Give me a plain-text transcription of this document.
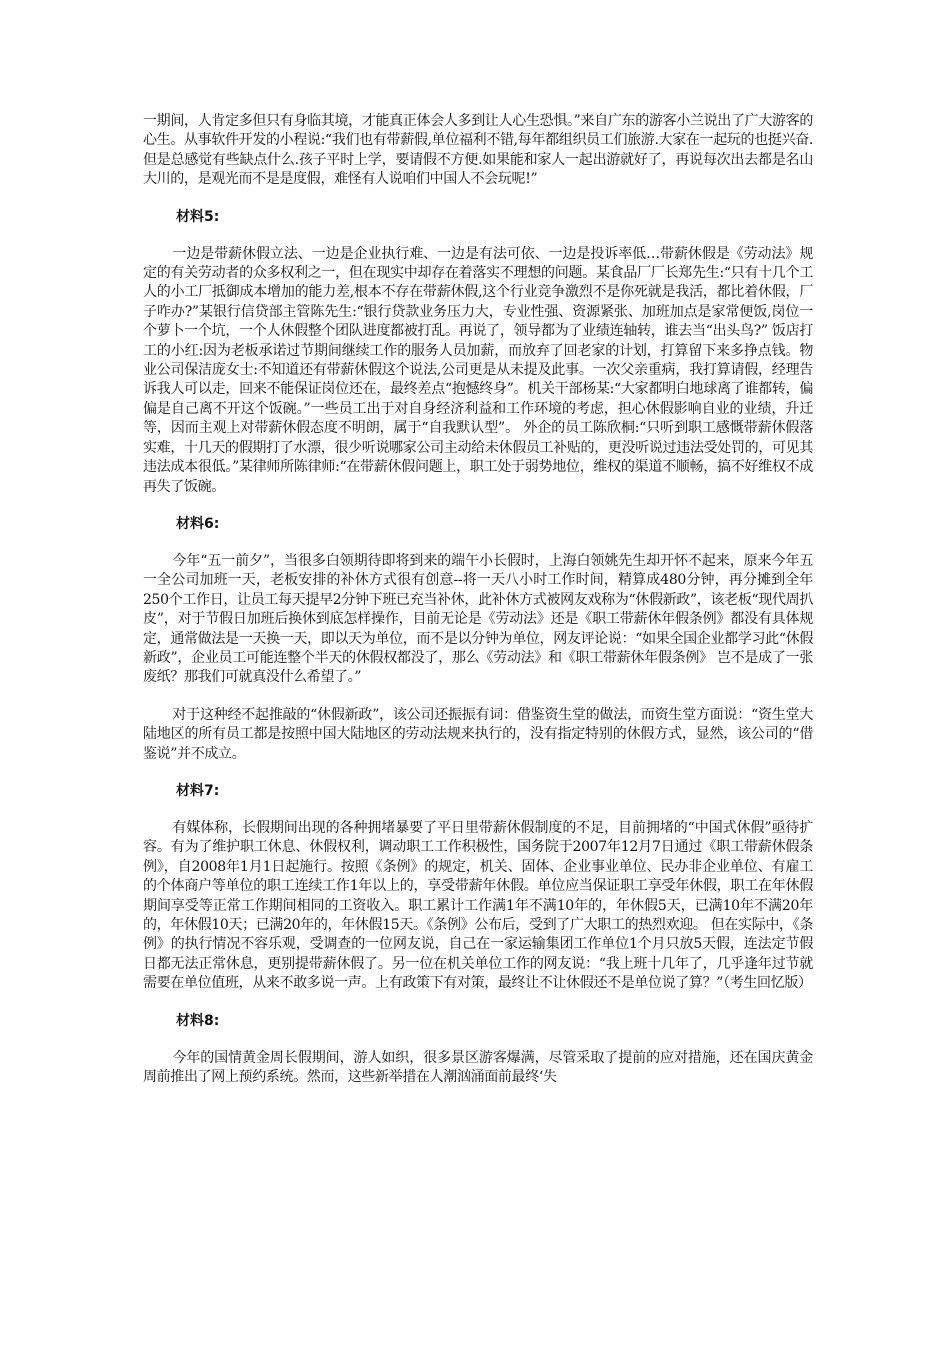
一期间，人肯定多但只有身临其境，才能真正体会人多到让人心生恐惧。”来自广东的游客小兰说出了广大游客的心生。从事软件开发的小程说:“我们也有带薪假,单位福利不错,每年都组织员工们旅游.大家在一起玩的也挺兴奋.但是总感觉有些缺点什么.孩子平时上学，要请假不方便.如果能和家人一起出游就好了，再说每次出去都是名山大川的，是观光而不是是度假，难怪有人说咱们中国人不会玩呢!”

材料5:

一边是带薪休假立法、一边是企业执行难、一边是有法可依、一边是投诉率低…带薪休假是《劳动法》规定的有关劳动者的众多权利之一，但在现实中却存在着落实不理想的问题。某食品厂厂长郑先生:“只有十几个工人的小工厂抵御成本增加的能力差,根本不存在带薪休假,这个行业竞争激烈不是你死就是我活，都比着休假，厂子咋办?”某银行信贷部主管陈先生:“银行贷款业务压力大，专业性强、资源紧张、加班加点是家常便饭,岗位一个萝卜一个坑，一个人休假整个团队进度都被打乱。再说了，领导都为了业绩连轴转，谁去当“出头鸟?” 饭店打工的小红:因为老板承诺过节期间继续工作的服务人员加薪，而放弃了回老家的计划，打算留下来多挣点钱。物业公司保洁庞女士:不知道还有带薪休假这个说法,公司更是从未提及此事。一次父亲重病，我打算请假，经理告诉我人可以走，回来不能保证岗位还在，最终差点“抱憾终身”。机关干部杨某:“大家都明白地球离了谁都转，偏偏是自己离不开这个饭碗。”一些员工出于对自身经济利益和工作环境的考虑，担心休假影响自业的业绩，升迁等，因而主观上对带薪休假态度不明朗，属于“自我默认型”。 外企的员工陈欣桐:“只听到职工感慨带薪休假落实难，十几天的假期打了水漂，很少听说哪家公司主动给未休假员工补贴的，更没听说过违法受处罚的，可见其违法成本很低。”某律师所陈律师:“在带薪休假问题上，职工处于弱势地位，维权的渠道不顺畅，搞不好维权不成再失了饭碗。

材料6:

今年“五一前夕”，当很多白领期待即将到来的端午小长假时，上海白领姚先生却开怀不起来，原来今年五一全公司加班一天，老板安排的补休方式很有创意--将一天八小时工作时间，精算成480分钟，再分摊到全年250个工作日，让员工每天提早2分钟下班已充当补休，此补休方式被网友戏称为“休假新政”，该老板“现代周扒皮”，对于节假日加班后换休到底怎样操作，目前无论是《劳动法》还是《职工带薪休年假条例》都没有具体规定，通常做法是一天换一天，即以天为单位，而不是以分钟为单位，网友评论说：“如果全国企业都学习此“休假新政”，企业员工可能连整个半天的休假权都没了，那么《劳动法》和《职工带薪休年假条例》 岂不是成了一张废纸？那我们可就真没什么希望了。”

对于这种经不起推敲的“休假新政”，该公司还振振有词：借鉴资生堂的做法，而资生堂方面说：“资生堂大陆地区的所有员工都是按照中国大陆地区的劳动法规来执行的，没有指定特别的休假方式，显然，该公司的“借鉴说”并不成立。

材料7:

有媒体称，长假期间出现的各种拥堵暴要了平日里带薪休假制度的不足，目前拥堵的“中国式休假”亟待扩容。有为了维护职工休息、休假权利，调动职工工作积极性，国务院于2007年12月7日通过《职工带薪休假条例》，自2008年1月1日起施行。按照《条例》的规定，机关、固体、企业事业单位、民办非企业单位、有雇工的个体商户等单位的职工连续工作1年以上的，享受带薪年休假。单位应当保证职工享受年休假，职工在年休假期间享受等正常工作期间相同的工资收入。职工累计工作满1年不满10年的，年休假5天，已满10年不满20年的，年休假10天；已满20年的，年休假15天。《条例》公布后，受到了广大职工的热烈欢迎。 但在实际中，《条例》的执行情况不容乐观，受调查的一位网友说，自己在一家运输集团工作单位1个月只放5天假，连法定节假日都无法正常休息，更别提带薪休假了。另一位在机关单位工作的网友说：“我上班十几年了，几乎逢年过节就需要在单位值班，从来不敢多说一声。上有政策下有对策，最终让不让休假还不是单位说了算？”（考生回忆版）

材料8:

今年的国情黄金周长假期间，游人如织，很多景区游客爆满，尽管采取了提前的应对措施，还在国庆黄金周前推出了网上预约系统。然而，这些新举措在人潮汹涌面前最终‘失
